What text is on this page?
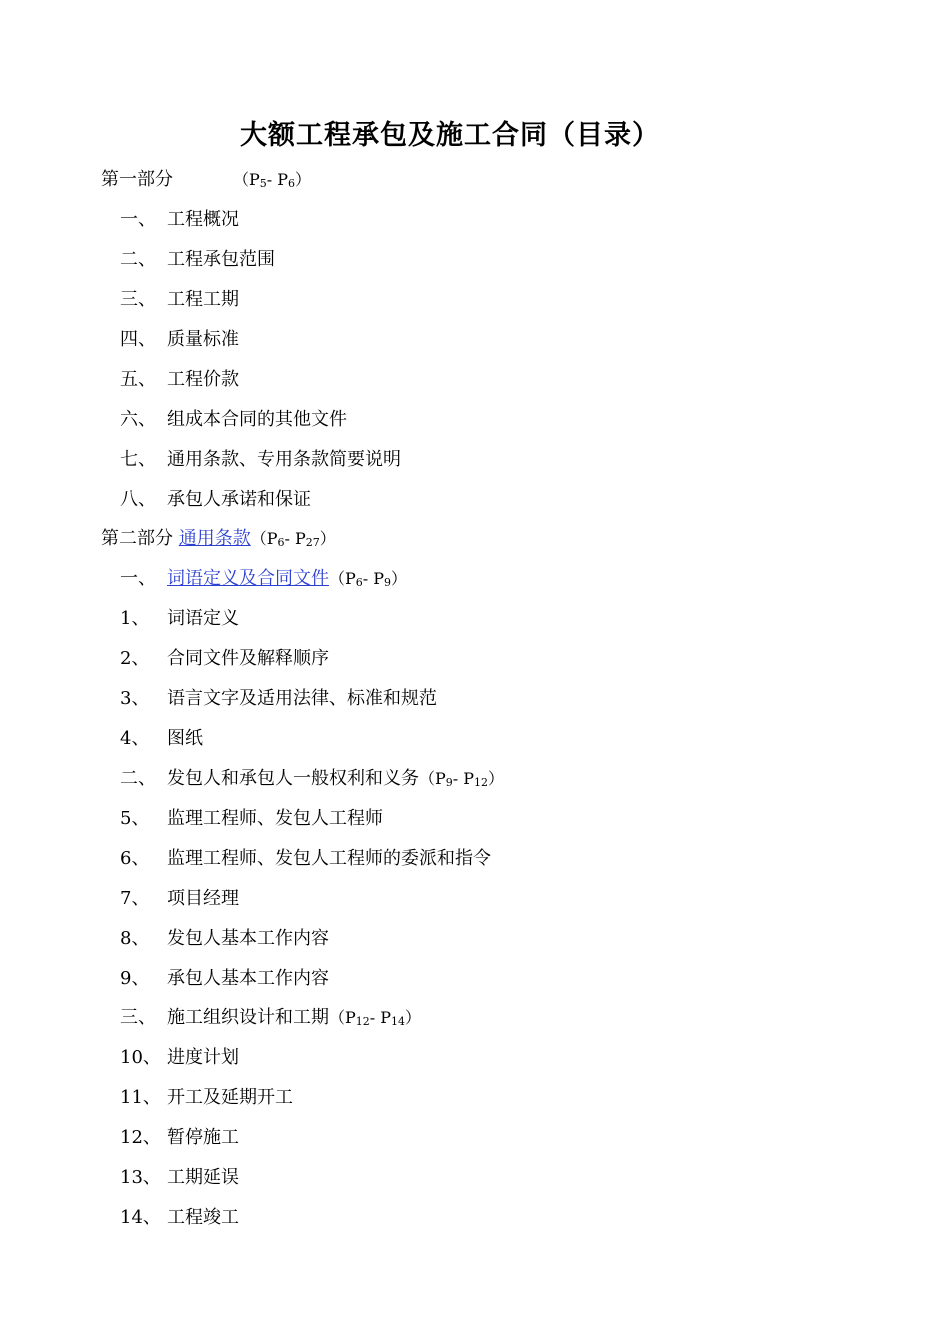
大额工程承包及施工合同（目录）
第一部分	（$P_5-$ $P_6$）
一、 工程概况
二、 工程承包范围
三、 工程工期
四、 质量标准
五、 工程价款
六、 组成本合同的其他文件
七、 通用条款、专用条款简要说明
八、 承包人承诺和保证
第二部分 通用条款（$P_6-$ $P_{27}$）
一、 词语定义及合同文件（$P_6-$ $P_9$）
1、 词语定义
2、 合同文件及解释顺序
3、 语言文字及适用法律、标准和规范
4、 图纸
二、 发包人和承包人一般权利和义务（$P_9-$ $P_{12}$）
5、 监理工程师、发包人工程师
6、 监理工程师、发包人工程师的委派和指令
7、 项目经理
8、 发包人基本工作内容
9、 承包人基本工作内容
三、 施工组织设计和工期（$P_{12}-$ $P_{14}$）
10、 进度计划
11、 开工及延期开工
12、 暂停施工
13、 工期延误
14、 工程竣工
